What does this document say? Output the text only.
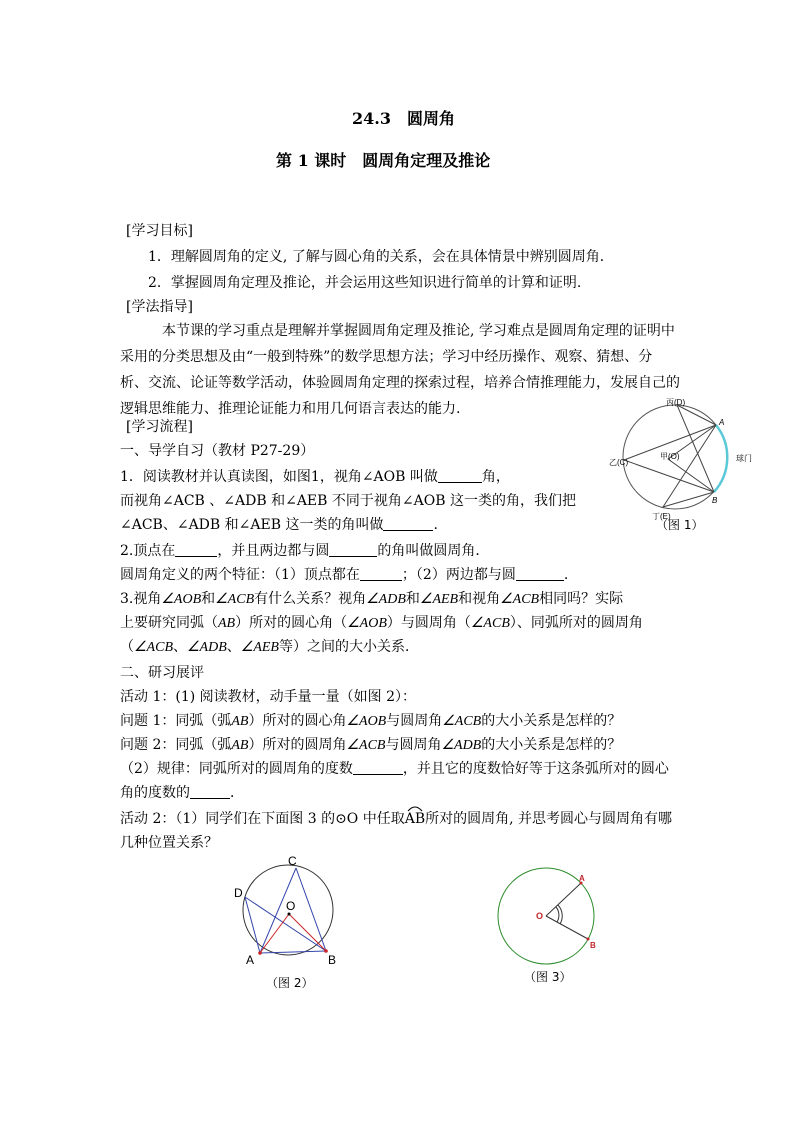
24.3　圆周角
第 1 课时　圆周角定理及推论
[学习目标]
1．理解圆周角的定义, 了解与圆心角的关系，会在具体情景中辨别圆周角．
2．掌握圆周角定理及推论，并会运用这些知识进行简单的计算和证明.
[学法指导]
本节课的学习重点是理解并掌握圆周角定理及推论, 学习难点是圆周角定理的证明中采用的分类思想及由“一般到特殊”的数学思想方法；学习中经历操作、观察、猜想、分析、交流、论证等数学活动，体验圆周角定理的探索过程，培养合情推理能力，发展自己的逻辑思维能力、推理论证能力和用几何语言表达的能力.
[学习流程]
一、导学自习（教材 P27-29）
1．阅读教材并认真读图，如图1，视角∠AOB 叫做	角，
而视角∠ACB 、∠ADB 和∠AEB 不同于视角∠AOB 这一类的角，我们把
∠ACB、∠ADB 和∠AEB 这一类的角叫做	.
2.顶点在	，并且两边都与圆	的角叫做圆周角．
圆周角定义的两个特征：（1）顶点都在	；（2）两边都与圆	.
3.视角∠AOB和∠ACB有什么关系？视角∠ADB和∠AEB和视角∠ACB相同吗？实际
上要研究同弧（AB）所对的圆心角（∠AOB）与圆周角（∠ACB）、同弧所对的圆周角
（∠ACB、∠ADB、∠AEB等）之间的大小关系．
二、研习展评
活动 1：(1) 阅读教材，动手量一量（如图 2）：
问题 1：同弧（弧AB）所对的圆心角∠AOB与圆周角∠ACB的大小关系是怎样的？
问题 2：同弧（弧AB）所对的圆周角∠ACB与圆周角∠ADB的大小关系是怎样的？
（2）规律：同弧所对的圆周角的度数	，并且它的度数恰好等于这条弧所对的圆心
角的度数的	．
活动 2：（1）同学们在下面图 3 的⊙O 中任取AB
所对的圆周角, 并思考圆心与圆周角有哪
几种位置关系？
丙(D)
乙(C)
甲(O)
丁(E)
A
B
球门
（图 1）
C
D
O
A	B
（图 2）
O
A
B
（图 3）
